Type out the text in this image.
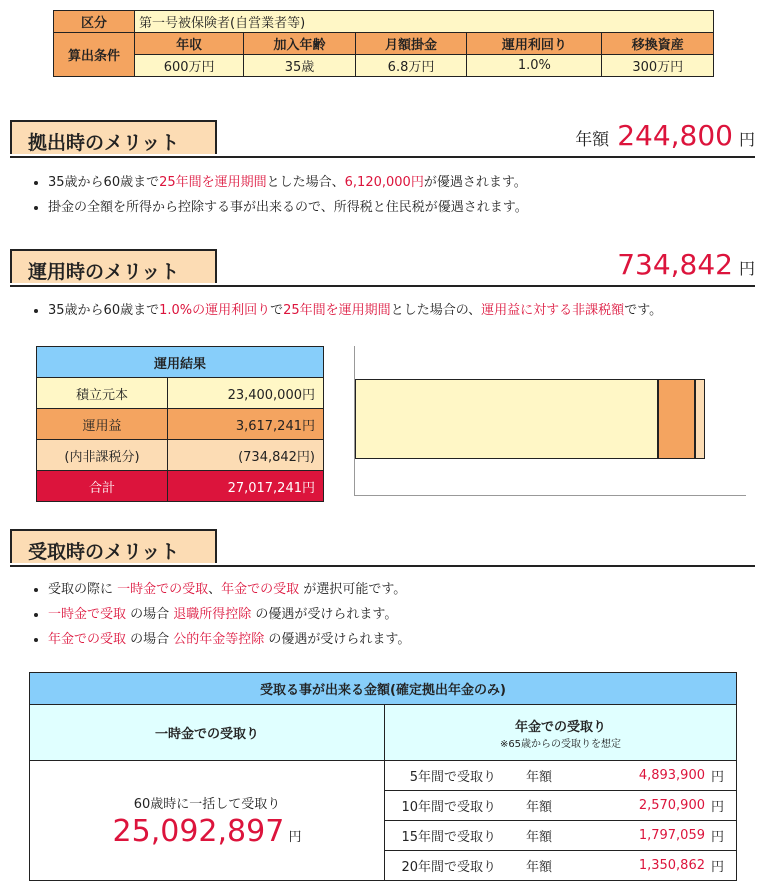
区分	第一号被保険者(自営業者等)				
算出条件	年収	加入年齢	月額掛金	運用利回り	移換資産
	600万円	35歳	6.8万円	1.0%	300万円
拠出時のメリット	年額 244,800 円
• 35歳から60歳まで25年間を運用期間とした場合、6,120,000円が優遇されます。
• 掛金の全額を所得から控除する事が出来るので、所得税と住民税が優遇されます。
運用時のメリット	734,842 円
• 35歳から60歳まで1.0%の運用利回りで25年間を運用期間とした場合の、運用益に対する非課税額です。
運用結果	
積立元本	23,400,000円
運用益	3,617,241円
(内非課税分)	(734,842円)
合計	27,017,241円
受取時のメリット
• 受取の際に 一時金での受取、年金での受取 が選択可能です。
• 一時金で受取 の場合 退職所得控除 の優遇が受けられます。
• 年金での受取 の場合 公的年金等控除 の優遇が受けられます。
受取る事が出来る金額(確定拠出年金のみ)
一時金での受取り	年金での受取り
※65歳からの受取りを想定

60歳時に一括して受取り
25,092,897 円

5年間で受取り	年額	4,893,900	円

10年間で受取り	年額	2,570,900	円

15年間で受取り	年額	1,797,059	円

20年間で受取り	年額	1,350,862	円
